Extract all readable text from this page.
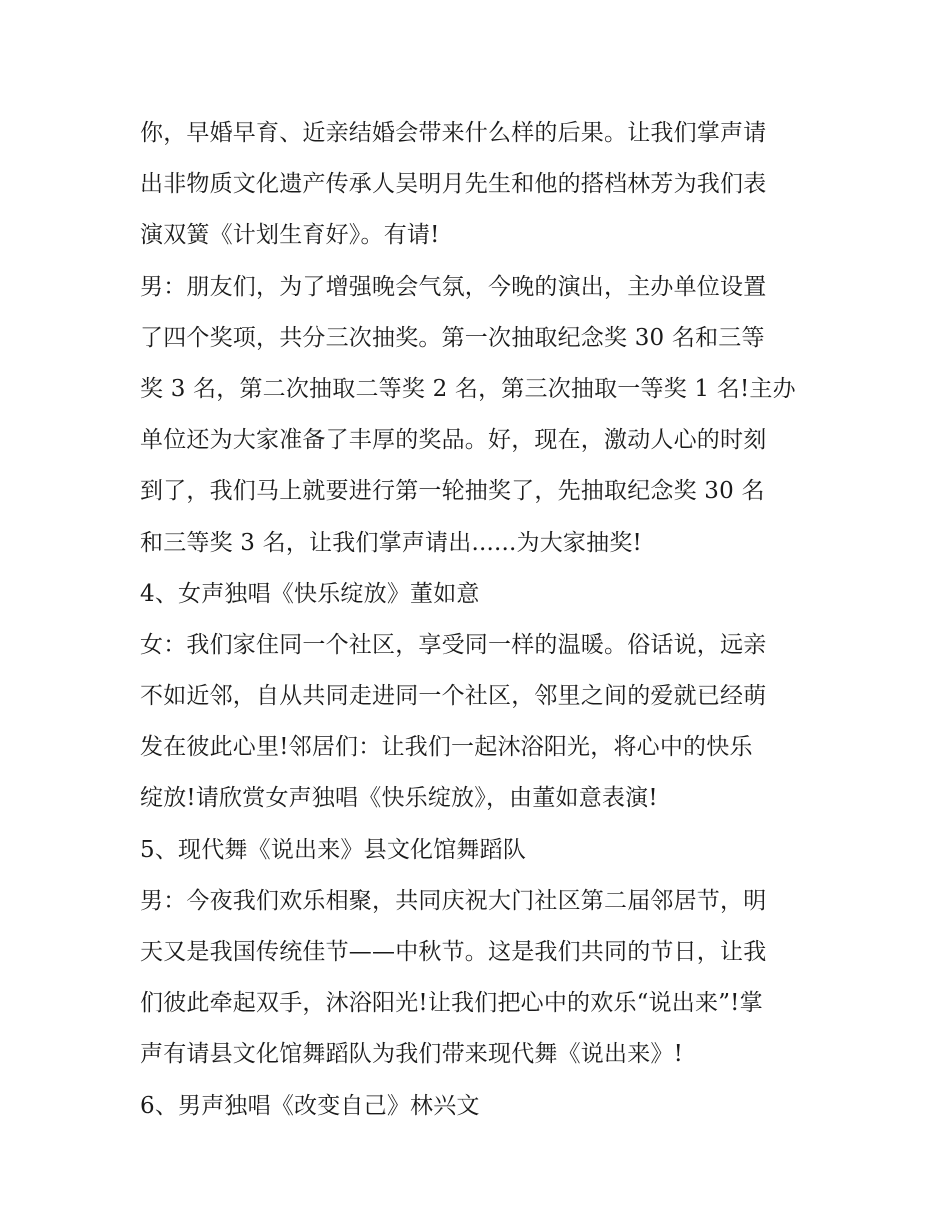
你，早婚早育、近亲结婚会带来什么样的后果。让我们掌声请
出非物质文化遗产传承人吴明月先生和他的搭档林芳为我们表
演双簧《计划生育好》。有请!
男：朋友们，为了增强晚会气氛，今晚的演出，主办单位设置
了四个奖项，共分三次抽奖。第一次抽取纪念奖 30 名和三等
奖 3 名，第二次抽取二等奖 2 名，第三次抽取一等奖 1 名!主办
单位还为大家准备了丰厚的奖品。好，现在，激动人心的时刻
到了，我们马上就要进行第一轮抽奖了，先抽取纪念奖 30 名
和三等奖 3 名，让我们掌声请出......为大家抽奖!
4、女声独唱《快乐绽放》董如意
女：我们家住同一个社区，享受同一样的温暖。俗话说，远亲
不如近邻，自从共同走进同一个社区，邻里之间的爱就已经萌
发在彼此心里!邻居们：让我们一起沐浴阳光，将心中的快乐
绽放!请欣赏女声独唱《快乐绽放》，由董如意表演!
5、现代舞《说出来》县文化馆舞蹈队
男：今夜我们欢乐相聚，共同庆祝大门社区第二届邻居节，明
天又是我国传统佳节——中秋节。这是我们共同的节日，让我
们彼此牵起双手，沐浴阳光!让我们把心中的欢乐“说出来”!掌
声有请县文化馆舞蹈队为我们带来现代舞《说出来》!
6、男声独唱《改变自己》林兴文
